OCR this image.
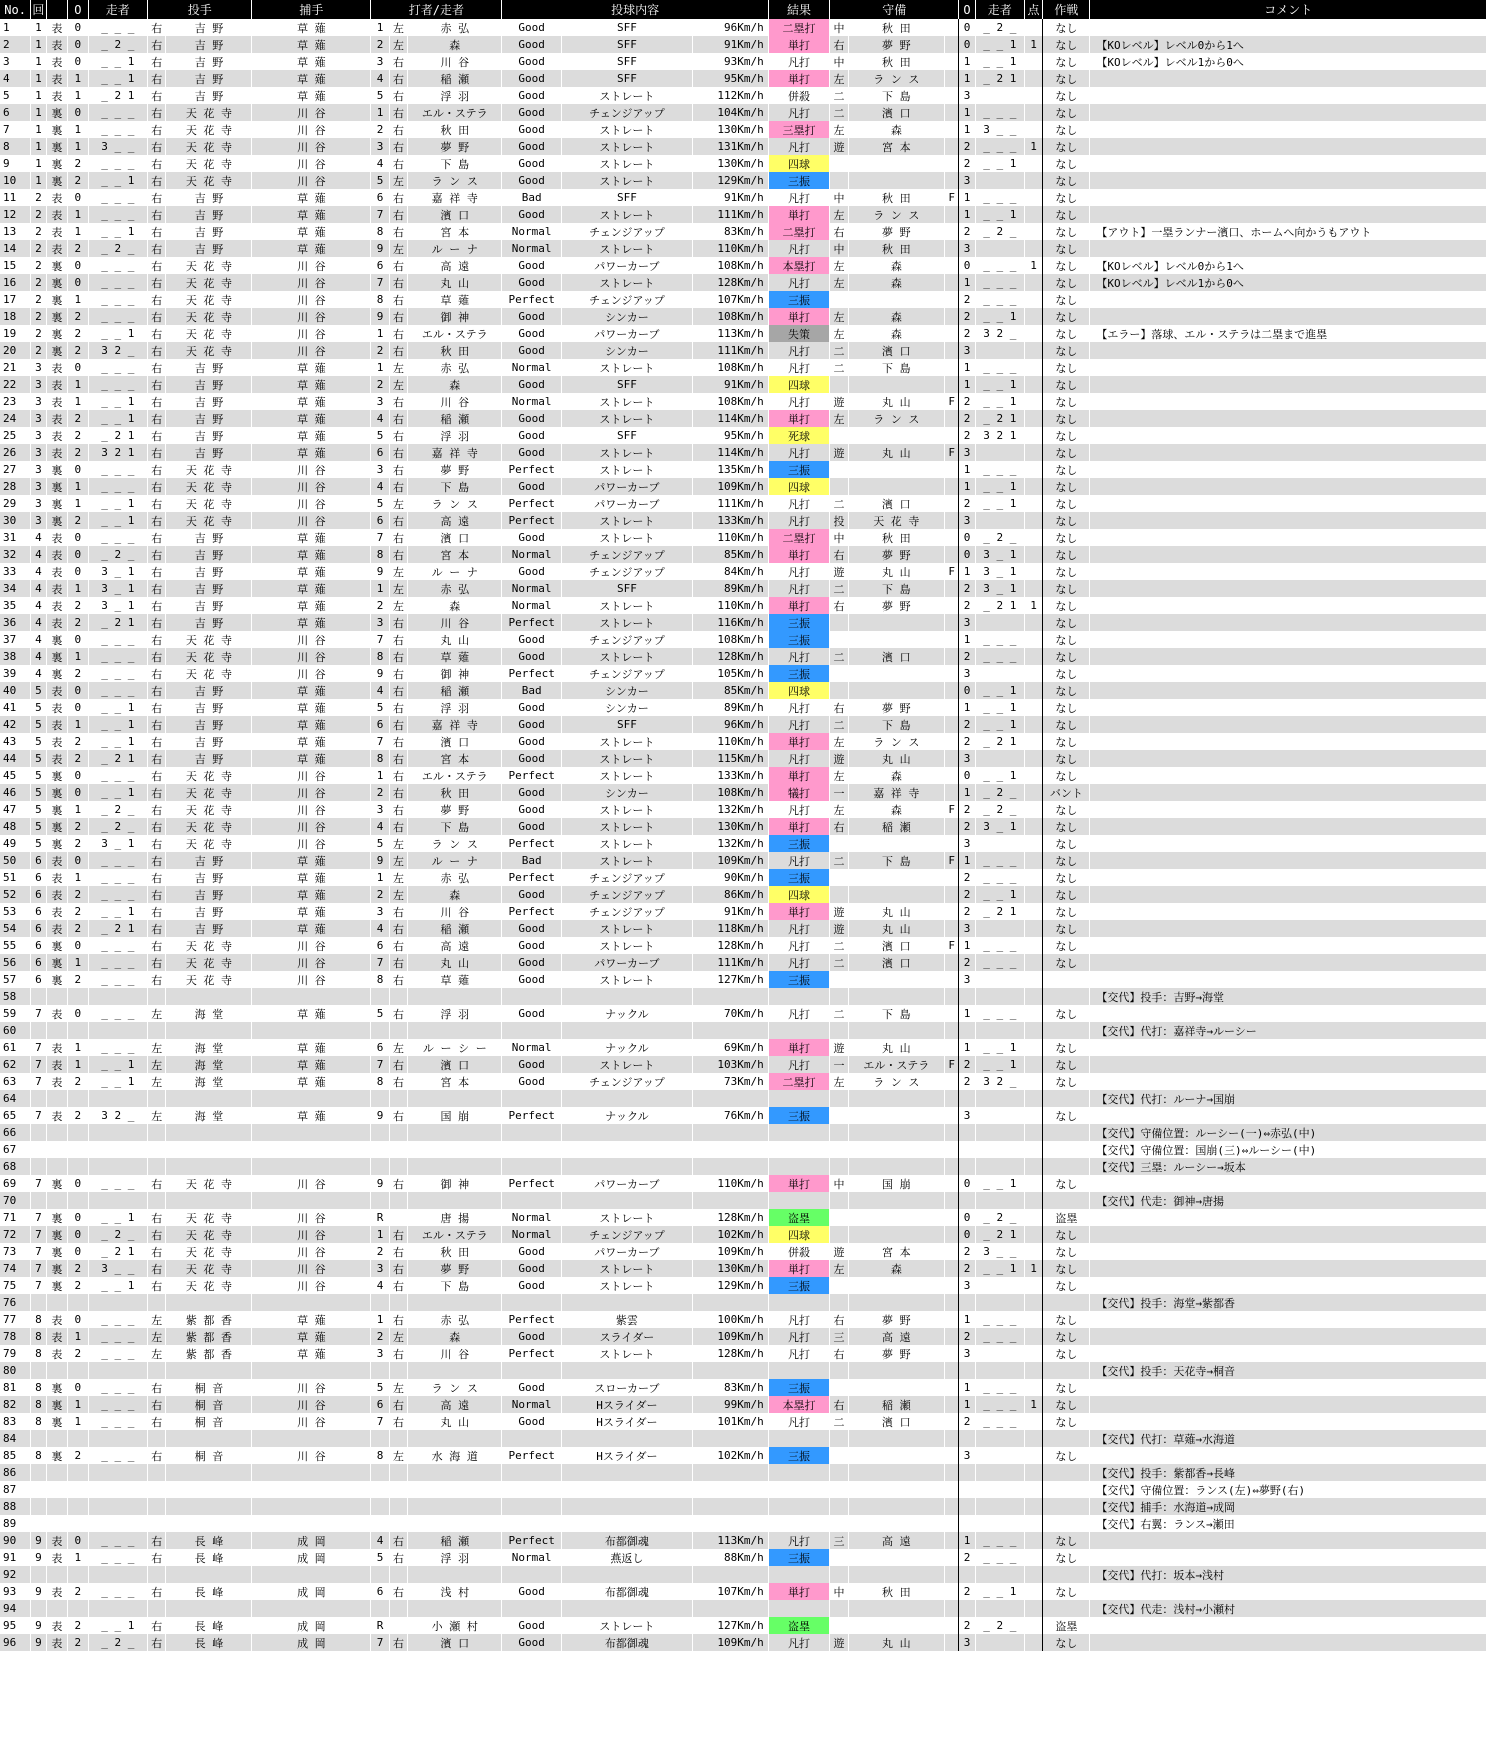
No.	回		O	走者	投手		捕手	打者/走者			投球内容			結果	守備			O	走者	点	作戦	コメント
1	1	表	0	_ _ _	右	吉 野	草 薙	1	左	赤 弘	Good	SFF	96Km/h	二塁打	中	秋 田		0	_ 2 _		なし	
2	1	表	0	_ 2 _	右	吉 野	草 薙	2	左	森	Good	SFF	91Km/h	単打	右	夢 野		0	_ _ 1	1	なし	【KOレベル】レベル0から1へ
3	1	表	0	_ _ 1	右	吉 野	草 薙	3	右	川 谷	Good	SFF	93Km/h	凡打	中	秋 田		1	_ _ 1		なし	【KOレベル】レベル1から0へ
4	1	表	1	_ _ 1	右	吉 野	草 薙	4	右	稲 瀬	Good	SFF	95Km/h	単打	左	ラ ン ス		1	_ 2 1		なし	
5	1	表	1	_ 2 1	右	吉 野	草 薙	5	右	浮 羽	Good	ストレート	112Km/h	併殺	二	下 島		3			なし	
6	1	裏	0	_ _ _	右	天 花 寺	川 谷	1	右	エル・ステラ	Good	チェンジアップ	104Km/h	凡打	二	濱 口		1	_ _ _		なし	
7	1	裏	1	_ _ _	右	天 花 寺	川 谷	2	右	秋 田	Good	ストレート	130Km/h	三塁打	左	森		1	3 _ _		なし	
8	1	裏	1	3 _ _	右	天 花 寺	川 谷	3	右	夢 野	Good	ストレート	131Km/h	凡打	遊	宮 本		2	_ _ _	1	なし	
9	1	裏	2	_ _ _	右	天 花 寺	川 谷	4	右	下 島	Good	ストレート	130Km/h	四球				2	_ _ 1		なし	
10	1	裏	2	_ _ 1	右	天 花 寺	川 谷	5	左	ラ ン ス	Good	ストレート	129Km/h	三振				3			なし	
11	2	表	0	_ _ _	右	吉 野	草 薙	6	右	嘉 祥 寺	Bad	SFF	91Km/h	凡打	中	秋 田	F	1	_ _ _		なし	
12	2	表	1	_ _ _	右	吉 野	草 薙	7	右	濱 口	Good	ストレート	111Km/h	単打	左	ラ ン ス		1	_ _ 1		なし	
13	2	表	1	_ _ 1	右	吉 野	草 薙	8	右	宮 本	Normal	チェンジアップ	83Km/h	二塁打	右	夢 野		2	_ 2 _		なし	【アウト】一塁ランナー濱口、ホームへ向かうもアウト
14	2	表	2	_ 2 _	右	吉 野	草 薙	9	左	ル ー ナ	Normal	ストレート	110Km/h	凡打	中	秋 田		3			なし	
15	2	裏	0	_ _ _	右	天 花 寺	川 谷	6	右	高 遠	Good	パワーカーブ	108Km/h	本塁打	左	森		0	_ _ _	1	なし	【KOレベル】レベル0から1へ
16	2	裏	0	_ _ _	右	天 花 寺	川 谷	7	右	丸 山	Good	ストレート	128Km/h	凡打	左	森		1	_ _ _		なし	【KOレベル】レベル1から0へ
17	2	裏	1	_ _ _	右	天 花 寺	川 谷	8	右	草 薙	Perfect	チェンジアップ	107Km/h	三振				2	_ _ _		なし	
18	2	裏	2	_ _ _	右	天 花 寺	川 谷	9	右	御 神	Good	シンカー	108Km/h	単打	左	森		2	_ _ 1		なし	
19	2	裏	2	_ _ 1	右	天 花 寺	川 谷	1	右	エル・ステラ	Good	パワーカーブ	113Km/h	失策	左	森		2	3 2 _		なし	【エラー】落球、エル・ステラは二塁まで進塁
20	2	裏	2	3 2 _	右	天 花 寺	川 谷	2	右	秋 田	Good	シンカー	111Km/h	凡打	二	濱 口		3			なし	
21	3	表	0	_ _ _	右	吉 野	草 薙	1	左	赤 弘	Normal	ストレート	108Km/h	凡打	二	下 島		1	_ _ _		なし	
22	3	表	1	_ _ _	右	吉 野	草 薙	2	左	森	Good	SFF	91Km/h	四球				1	_ _ 1		なし	
23	3	表	1	_ _ 1	右	吉 野	草 薙	3	右	川 谷	Normal	ストレート	108Km/h	凡打	遊	丸 山	F	2	_ _ 1		なし	
24	3	表	2	_ _ 1	右	吉 野	草 薙	4	右	稲 瀬	Good	ストレート	114Km/h	単打	左	ラ ン ス		2	_ 2 1		なし	
25	3	表	2	_ 2 1	右	吉 野	草 薙	5	右	浮 羽	Good	SFF	95Km/h	死球				2	3 2 1		なし	
26	3	表	2	3 2 1	右	吉 野	草 薙	6	右	嘉 祥 寺	Good	ストレート	114Km/h	凡打	遊	丸 山	F	3			なし	
27	3	裏	0	_ _ _	右	天 花 寺	川 谷	3	右	夢 野	Perfect	ストレート	135Km/h	三振				1	_ _ _		なし	
28	3	裏	1	_ _ _	右	天 花 寺	川 谷	4	右	下 島	Good	パワーカーブ	109Km/h	四球				1	_ _ 1		なし	
29	3	裏	1	_ _ 1	右	天 花 寺	川 谷	5	左	ラ ン ス	Perfect	パワーカーブ	111Km/h	凡打	二	濱 口		2	_ _ 1		なし	
30	3	裏	2	_ _ 1	右	天 花 寺	川 谷	6	右	高 遠	Perfect	ストレート	133Km/h	凡打	投	天 花 寺		3			なし	
31	4	表	0	_ _ _	右	吉 野	草 薙	7	右	濱 口	Good	ストレート	110Km/h	二塁打	中	秋 田		0	_ 2 _		なし	
32	4	表	0	_ 2 _	右	吉 野	草 薙	8	右	宮 本	Normal	チェンジアップ	85Km/h	単打	右	夢 野		0	3 _ 1		なし	
33	4	表	0	3 _ 1	右	吉 野	草 薙	9	左	ル ー ナ	Good	チェンジアップ	84Km/h	凡打	遊	丸 山	F	1	3 _ 1		なし	
34	4	表	1	3 _ 1	右	吉 野	草 薙	1	左	赤 弘	Normal	SFF	89Km/h	凡打	二	下 島		2	3 _ 1		なし	
35	4	表	2	3 _ 1	右	吉 野	草 薙	2	左	森	Normal	ストレート	110Km/h	単打	右	夢 野		2	_ 2 1	1	なし	
36	4	表	2	_ 2 1	右	吉 野	草 薙	3	右	川 谷	Perfect	ストレート	116Km/h	三振				3			なし	
37	4	裏	0	_ _ _	右	天 花 寺	川 谷	7	右	丸 山	Good	チェンジアップ	108Km/h	三振				1	_ _ _		なし	
38	4	裏	1	_ _ _	右	天 花 寺	川 谷	8	右	草 薙	Good	ストレート	128Km/h	凡打	二	濱 口		2	_ _ _		なし	
39	4	裏	2	_ _ _	右	天 花 寺	川 谷	9	右	御 神	Perfect	チェンジアップ	105Km/h	三振				3			なし	
40	5	表	0	_ _ _	右	吉 野	草 薙	4	右	稲 瀬	Bad	シンカー	85Km/h	四球				0	_ _ 1		なし	
41	5	表	0	_ _ 1	右	吉 野	草 薙	5	右	浮 羽	Good	シンカー	89Km/h	凡打	右	夢 野		1	_ _ 1		なし	
42	5	表	1	_ _ 1	右	吉 野	草 薙	6	右	嘉 祥 寺	Good	SFF	96Km/h	凡打	二	下 島		2	_ _ 1		なし	
43	5	表	2	_ _ 1	右	吉 野	草 薙	7	右	濱 口	Good	ストレート	110Km/h	単打	左	ラ ン ス		2	_ 2 1		なし	
44	5	表	2	_ 2 1	右	吉 野	草 薙	8	右	宮 本	Good	ストレート	115Km/h	凡打	遊	丸 山		3			なし	
45	5	裏	0	_ _ _	右	天 花 寺	川 谷	1	右	エル・ステラ	Perfect	ストレート	133Km/h	単打	左	森		0	_ _ 1		なし	
46	5	裏	0	_ _ 1	右	天 花 寺	川 谷	2	右	秋 田	Good	シンカー	108Km/h	犠打	一	嘉 祥 寺		1	_ 2 _		バント	
47	5	裏	1	_ 2 _	右	天 花 寺	川 谷	3	右	夢 野	Good	ストレート	132Km/h	凡打	左	森	F	2	_ 2 _		なし	
48	5	裏	2	_ 2 _	右	天 花 寺	川 谷	4	右	下 島	Good	ストレート	130Km/h	単打	右	稲 瀬		2	3 _ 1		なし	
49	5	裏	2	3 _ 1	右	天 花 寺	川 谷	5	左	ラ ン ス	Perfect	ストレート	132Km/h	三振				3			なし	
50	6	表	0	_ _ _	右	吉 野	草 薙	9	左	ル ー ナ	Bad	ストレート	109Km/h	凡打	二	下 島	F	1	_ _ _		なし	
51	6	表	1	_ _ _	右	吉 野	草 薙	1	左	赤 弘	Perfect	チェンジアップ	90Km/h	三振				2	_ _ _		なし	
52	6	表	2	_ _ _	右	吉 野	草 薙	2	左	森	Good	チェンジアップ	86Km/h	四球				2	_ _ 1		なし	
53	6	表	2	_ _ 1	右	吉 野	草 薙	3	右	川 谷	Perfect	チェンジアップ	91Km/h	単打	遊	丸 山		2	_ 2 1		なし	
54	6	表	2	_ 2 1	右	吉 野	草 薙	4	右	稲 瀬	Good	ストレート	118Km/h	凡打	遊	丸 山		3			なし	
55	6	裏	0	_ _ _	右	天 花 寺	川 谷	6	右	高 遠	Good	ストレート	128Km/h	凡打	二	濱 口	F	1	_ _ _		なし	
56	6	裏	1	_ _ _	右	天 花 寺	川 谷	7	右	丸 山	Good	パワーカーブ	111Km/h	凡打	二	濱 口		2	_ _ _		なし	
57	6	裏	2	_ _ _	右	天 花 寺	川 谷	8	右	草 薙	Good	ストレート	127Km/h	三振				3				
58																						【交代】投手：吉野→海堂
59	7	表	0	_ _ _	左	海 堂	草 薙	5	右	浮 羽	Good	ナックル	70Km/h	凡打	二	下 島		1	_ _ _		なし	
60																						【交代】代打：嘉祥寺→ルーシー
61	7	表	1	_ _ _	左	海 堂	草 薙	6	左	ル ー シ ー	Normal	ナックル	69Km/h	単打	遊	丸 山		1	_ _ 1		なし	
62	7	表	1	_ _ 1	左	海 堂	草 薙	7	右	濱 口	Good	ストレート	103Km/h	凡打	一	エル・ステラ	F	2	_ _ 1		なし	
63	7	表	2	_ _ 1	左	海 堂	草 薙	8	右	宮 本	Good	チェンジアップ	73Km/h	二塁打	左	ラ ン ス		2	3 2 _		なし	
64																						【交代】代打：ルーナ→国崩
65	7	表	2	3 2 _	左	海 堂	草 薙	9	右	国 崩	Perfect	ナックル	76Km/h	三振				3			なし	
66																						【交代】守備位置：ルーシー(一)⇔赤弘(中)
67																						【交代】守備位置：国崩(三)⇔ルーシー(中)
68																						【交代】三塁：ルーシー→坂本
69	7	裏	0	_ _ _	右	天 花 寺	川 谷	9	右	御 神	Perfect	パワーカーブ	110Km/h	単打	中	国 崩		0	_ _ 1		なし	
70																						【交代】代走：御神→唐揚
71	7	裏	0	_ _ 1	右	天 花 寺	川 谷	R		唐 揚	Normal	ストレート	128Km/h	盗塁				0	_ 2 _		盗塁	
72	7	裏	0	_ 2 _	右	天 花 寺	川 谷	1	右	エル・ステラ	Normal	チェンジアップ	102Km/h	四球				0	_ 2 1		なし	
73	7	裏	0	_ 2 1	右	天 花 寺	川 谷	2	右	秋 田	Good	パワーカーブ	109Km/h	併殺	遊	宮 本		2	3 _ _		なし	
74	7	裏	2	3 _ _	右	天 花 寺	川 谷	3	右	夢 野	Good	ストレート	130Km/h	単打	左	森		2	_ _ 1	1	なし	
75	7	裏	2	_ _ 1	右	天 花 寺	川 谷	4	右	下 島	Good	ストレート	129Km/h	三振				3			なし	
76																						【交代】投手：海堂→紫都香
77	8	表	0	_ _ _	左	紫 都 香	草 薙	1	右	赤 弘	Perfect	紫雲	100Km/h	凡打	右	夢 野		1	_ _ _		なし	
78	8	表	1	_ _ _	左	紫 都 香	草 薙	2	左	森	Good	スライダー	109Km/h	凡打	三	高 遠		2	_ _ _		なし	
79	8	表	2	_ _ _	左	紫 都 香	草 薙	3	右	川 谷	Perfect	ストレート	128Km/h	凡打	右	夢 野		3			なし	
80																						【交代】投手：天花寺→桐音
81	8	裏	0	_ _ _	右	桐 音	川 谷	5	左	ラ ン ス	Good	スローカーブ	83Km/h	三振				1	_ _ _		なし	
82	8	裏	1	_ _ _	右	桐 音	川 谷	6	右	高 遠	Normal	Hスライダー	99Km/h	本塁打	右	稲 瀬		1	_ _ _	1	なし	
83	8	裏	1	_ _ _	右	桐 音	川 谷	7	右	丸 山	Good	Hスライダー	101Km/h	凡打	二	濱 口		2	_ _ _		なし	
84																						【交代】代打：草薙→水海道
85	8	裏	2	_ _ _	右	桐 音	川 谷	8	左	水 海 道	Perfect	Hスライダー	102Km/h	三振				3			なし	
86																						【交代】投手：紫都香→長峰
87																						【交代】守備位置：ランス(左)⇔夢野(右)
88																						【交代】捕手：水海道→成岡
89																						【交代】右翼：ランス→瀬田
90	9	表	0	_ _ _	右	長 峰	成 岡	4	右	稲 瀬	Perfect	布都御魂	113Km/h	凡打	三	高 遠		1	_ _ _		なし	
91	9	表	1	_ _ _	右	長 峰	成 岡	5	右	浮 羽	Normal	燕返し	88Km/h	三振				2	_ _ _		なし	
92																						【交代】代打：坂本→浅村
93	9	表	2	_ _ _	右	長 峰	成 岡	6	右	浅 村	Good	布都御魂	107Km/h	単打	中	秋 田		2	_ _ 1		なし	
94																						【交代】代走：浅村→小瀬村
95	9	表	2	_ _ 1	右	長 峰	成 岡	R		小 瀬 村	Good	ストレート	127Km/h	盗塁				2	_ 2 _		盗塁	
96	9	表	2	_ 2 _	右	長 峰	成 岡	7	右	濱 口	Good	布都御魂	109Km/h	凡打	遊	丸 山		3			なし	
